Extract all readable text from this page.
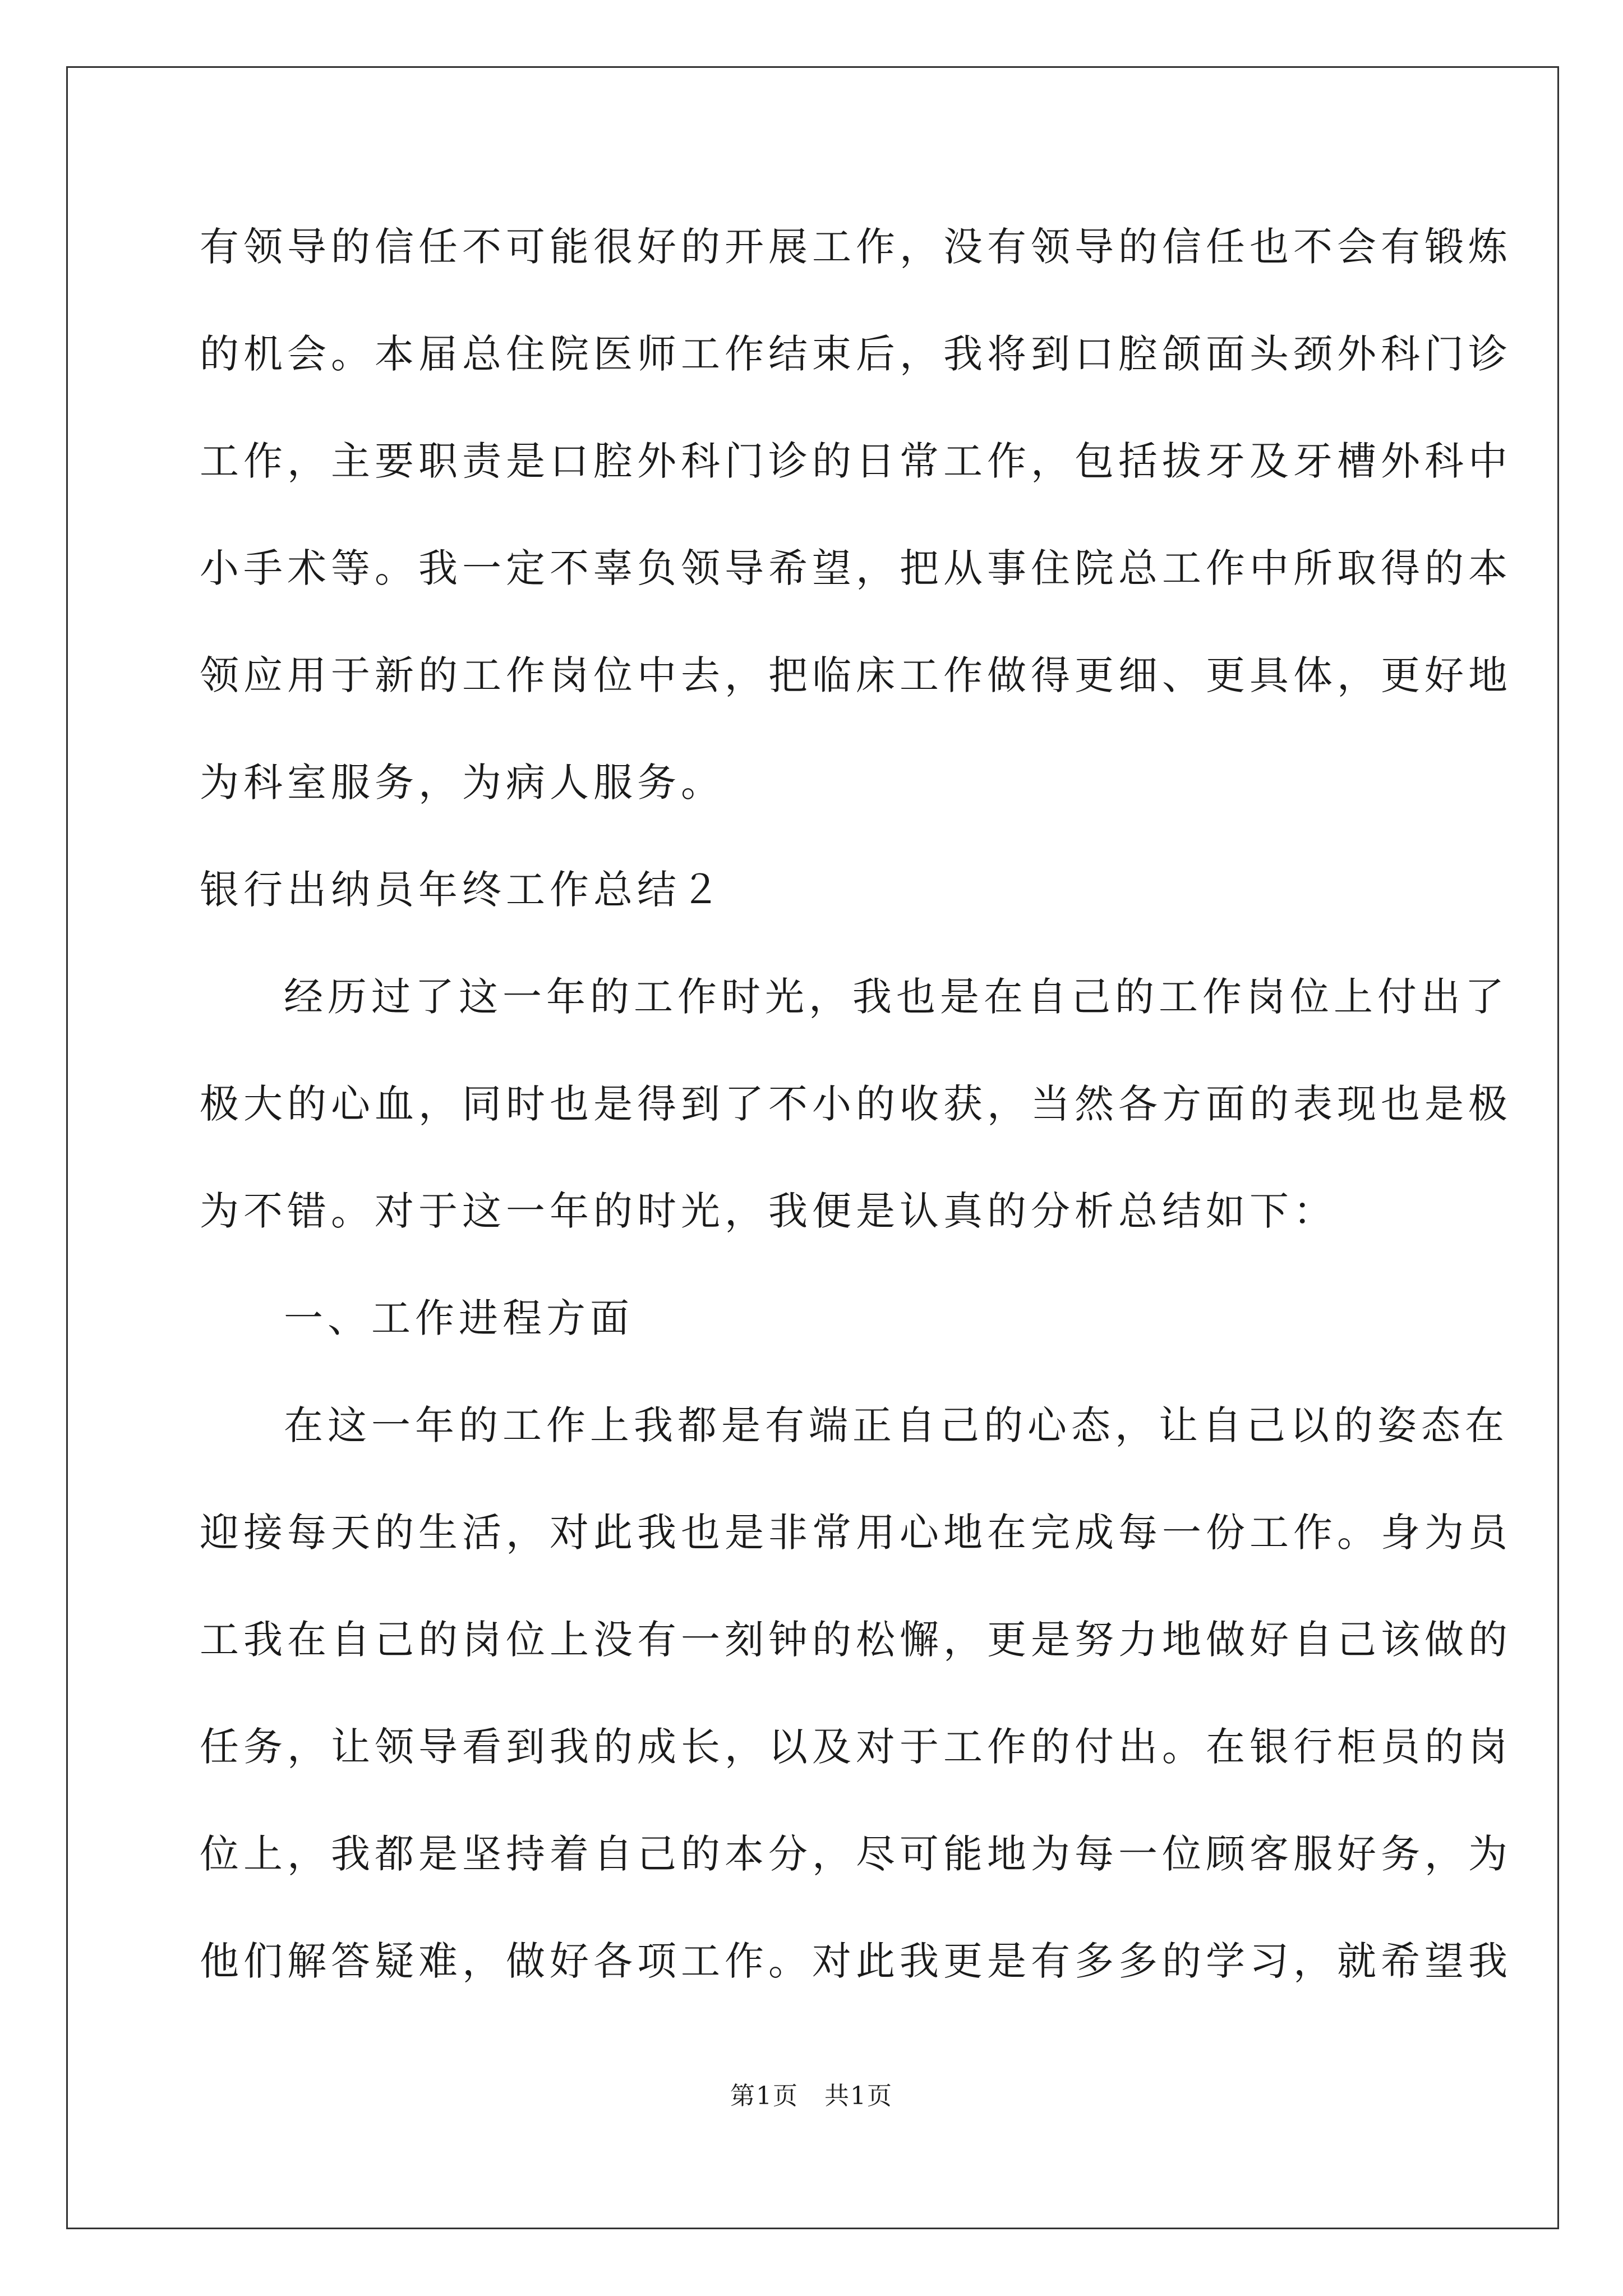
有领导的信任不可能很好的开展工作，没有领导的信任也不会有锻炼
的机会。本届总住院医师工作结束后，我将到口腔颌面头颈外科门诊
工作，主要职责是口腔外科门诊的日常工作，包括拔牙及牙槽外科中
小手术等。我一定不辜负领导希望，把从事住院总工作中所取得的本
领应用于新的工作岗位中去，把临床工作做得更细、更具体，更好地
为科室服务，为病人服务。
银行出纳员年终工作总结２
经历过了这一年的工作时光，我也是在自己的工作岗位上付出了
极大的心血，同时也是得到了不小的收获，当然各方面的表现也是极
为不错。对于这一年的时光，我便是认真的分析总结如下：
一、工作进程方面
在这一年的工作上我都是有端正自己的心态，让自己以的姿态在
迎接每天的生活，对此我也是非常用心地在完成每一份工作。身为员
工我在自己的岗位上没有一刻钟的松懈，更是努力地做好自己该做的
任务，让领导看到我的成长，以及对于工作的付出。在银行柜员的岗
位上，我都是坚持着自己的本分，尽可能地为每一位顾客服好务，为
他们解答疑难，做好各项工作。对此我更是有多多的学习，就希望我
第1页　共1页
